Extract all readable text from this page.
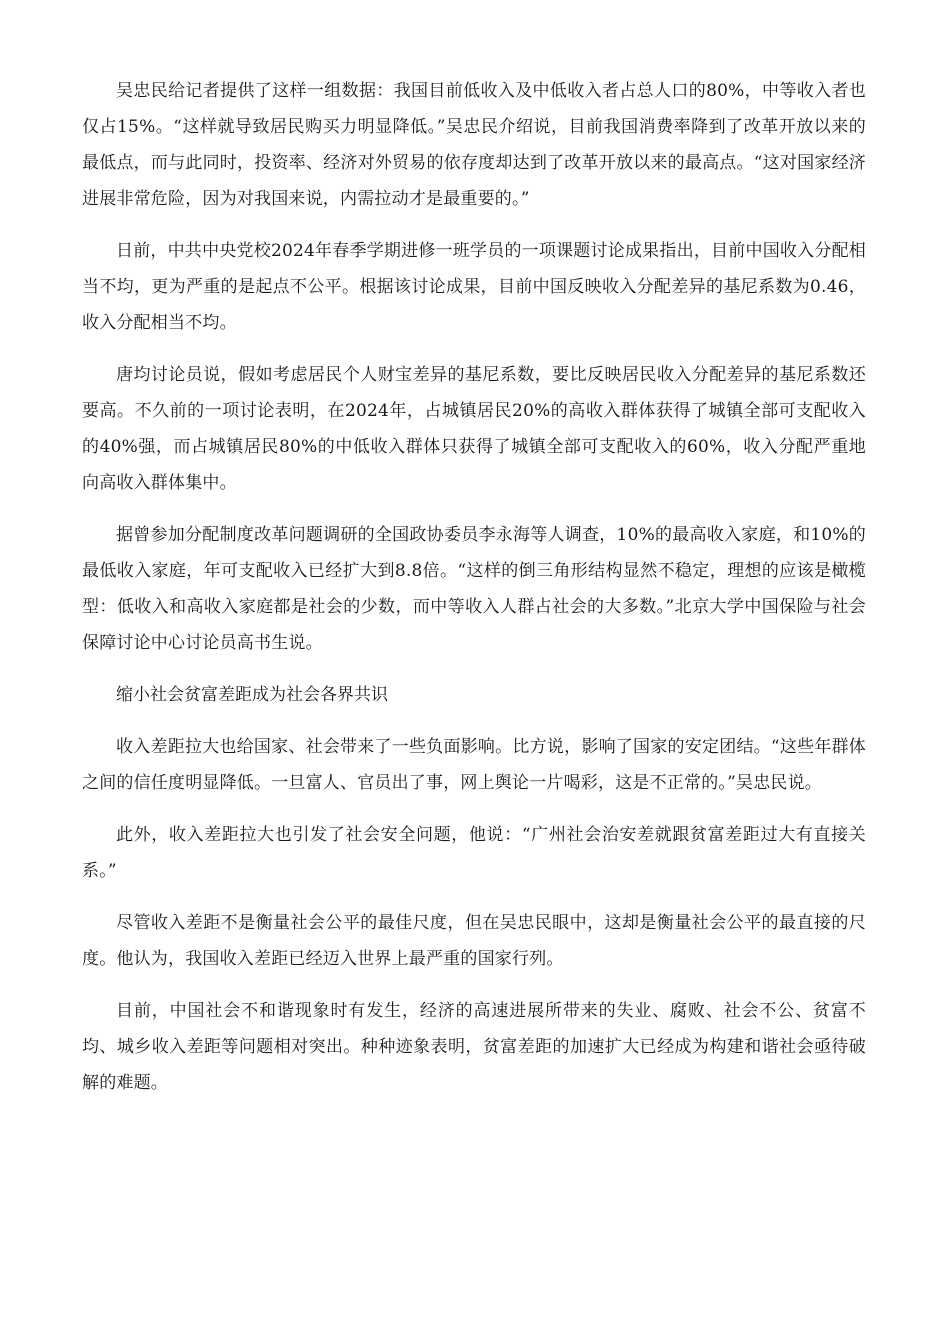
吴忠民给记者提供了这样一组数据：我国目前低收入及中低收入者占总人口的80%，中等收入者也仅占15%。“这样就导致居民购买力明显降低。”吴忠民介绍说，目前我国消费率降到了改革开放以来的最低点，而与此同时，投资率、经济对外贸易的依存度却达到了改革开放以来的最高点。“这对国家经济进展非常危险，因为对我国来说，内需拉动才是最重要的。”

日前，中共中央党校2024年春季学期进修一班学员的一项课题讨论成果指出，目前中国收入分配相当不均，更为严重的是起点不公平。根据该讨论成果，目前中国反映收入分配差异的基尼系数为0.46，收入分配相当不均。

唐均讨论员说，假如考虑居民个人财宝差异的基尼系数，要比反映居民收入分配差异的基尼系数还要高。不久前的一项讨论表明，在2024年，占城镇居民20%的高收入群体获得了城镇全部可支配收入的40%强，而占城镇居民80%的中低收入群体只获得了城镇全部可支配收入的60%，收入分配严重地向高收入群体集中。

据曾参加分配制度改革问题调研的全国政协委员李永海等人调查，10%的最高收入家庭，和10%的最低收入家庭，年可支配收入已经扩大到8.8倍。“这样的倒三角形结构显然不稳定，理想的应该是橄榄型：低收入和高收入家庭都是社会的少数，而中等收入人群占社会的大多数。”北京大学中国保险与社会保障讨论中心讨论员高书生说。

缩小社会贫富差距成为社会各界共识

收入差距拉大也给国家、社会带来了一些负面影响。比方说，影响了国家的安定团结。“这些年群体之间的信任度明显降低。一旦富人、官员出了事，网上舆论一片喝彩，这是不正常的。”吴忠民说。

此外，收入差距拉大也引发了社会安全问题，他说：“广州社会治安差就跟贫富差距过大有直接关系。”

尽管收入差距不是衡量社会公平的最佳尺度，但在吴忠民眼中，这却是衡量社会公平的最直接的尺度。他认为，我国收入差距已经迈入世界上最严重的国家行列。

目前，中国社会不和谐现象时有发生，经济的高速进展所带来的失业、腐败、社会不公、贫富不均、城乡收入差距等问题相对突出。种种迹象表明，贫富差距的加速扩大已经成为构建和谐社会亟待破解的难题。
